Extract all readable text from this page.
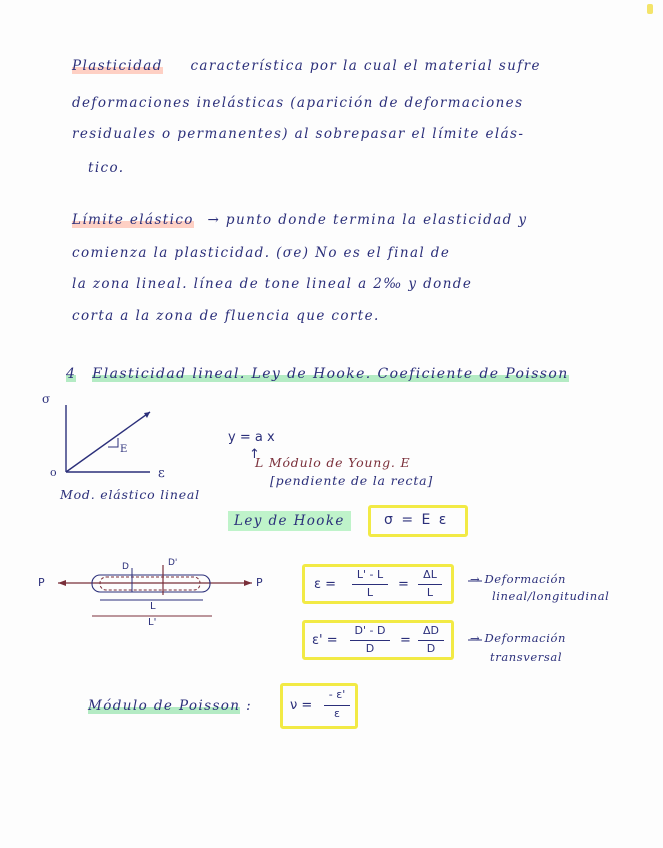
Plasticidad característica por la cual el material sufre
deformaciones inelásticas (aparición de deformaciones
residuales o permanentes) al sobrepasar el límite elás-
tico.
Límite elástico → punto donde termina la elasticidad y
comienza la plasticidad. (σe) No es el final de
la zona lineal. línea de tone lineal a 2‰ y donde
corta a la zona de fluencia que corte.
4 Elasticidad lineal. Ley de Hooke. Coeficiente de Poisson
σ
o	ε
E
Mod. elástico lineal
y = a x
↑
L Módulo de Young. E
[pendiente de la recta]
Ley de Hooke	σ = E ε
P	P
D	D'
L
L'
ε =
L' - L
L
=
ΔL
L
→ Deformación
lineal/longitudinal
ε' =
D' - D
D
=
ΔD
D
→ Deformación
transversal
Módulo de Poisson :	ν =
- ε'
ε
